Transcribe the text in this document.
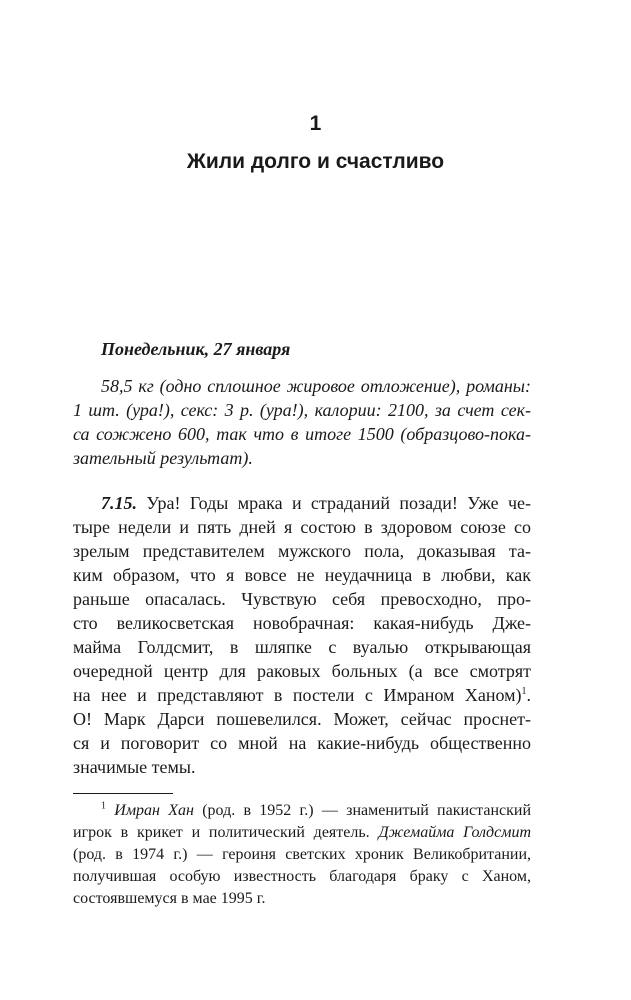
1
Жили долго и счастливо
Понедельник, 27 января
58,5 кг (одно сплошное жировое отложение), романы:
1 шт. (ура!), секс: 3 р. (ура!), калории: 2100, за счет сек-
са сожжено 600, так что в итоге 1500 (образцово-пока-
зательный результат).
7.15. Ура! Годы мрака и страданий позади! Уже че-
тыре недели и пять дней я состою в здоровом союзе со
зрелым представителем мужского пола, доказывая та-
ким образом, что я вовсе не неудачница в любви, как
раньше опасалась. Чувствую себя превосходно, про-
сто великосветская новобрачная: какая-нибудь Дже-
майма Голдсмит, в шляпке с вуалью открывающая
очередной центр для раковых больных (а все смотрят
на нее и представляют в постели с Имраном Ханом)$^1$.
О! Марк Дарси пошевелился. Может, сейчас проснет-
ся и поговорит со мной на какие-нибудь общественно
значимые темы.
$^1$ Имран Хан (род. в 1952 г.) — знаменитый пакистанский
игрок в крикет и политический деятель. Джемайма Голдсмит
(род. в 1974 г.) — героиня светских хроник Великобритании,
получившая особую известность благодаря браку с Ханом,
состоявшемуся в мае 1995 г.
